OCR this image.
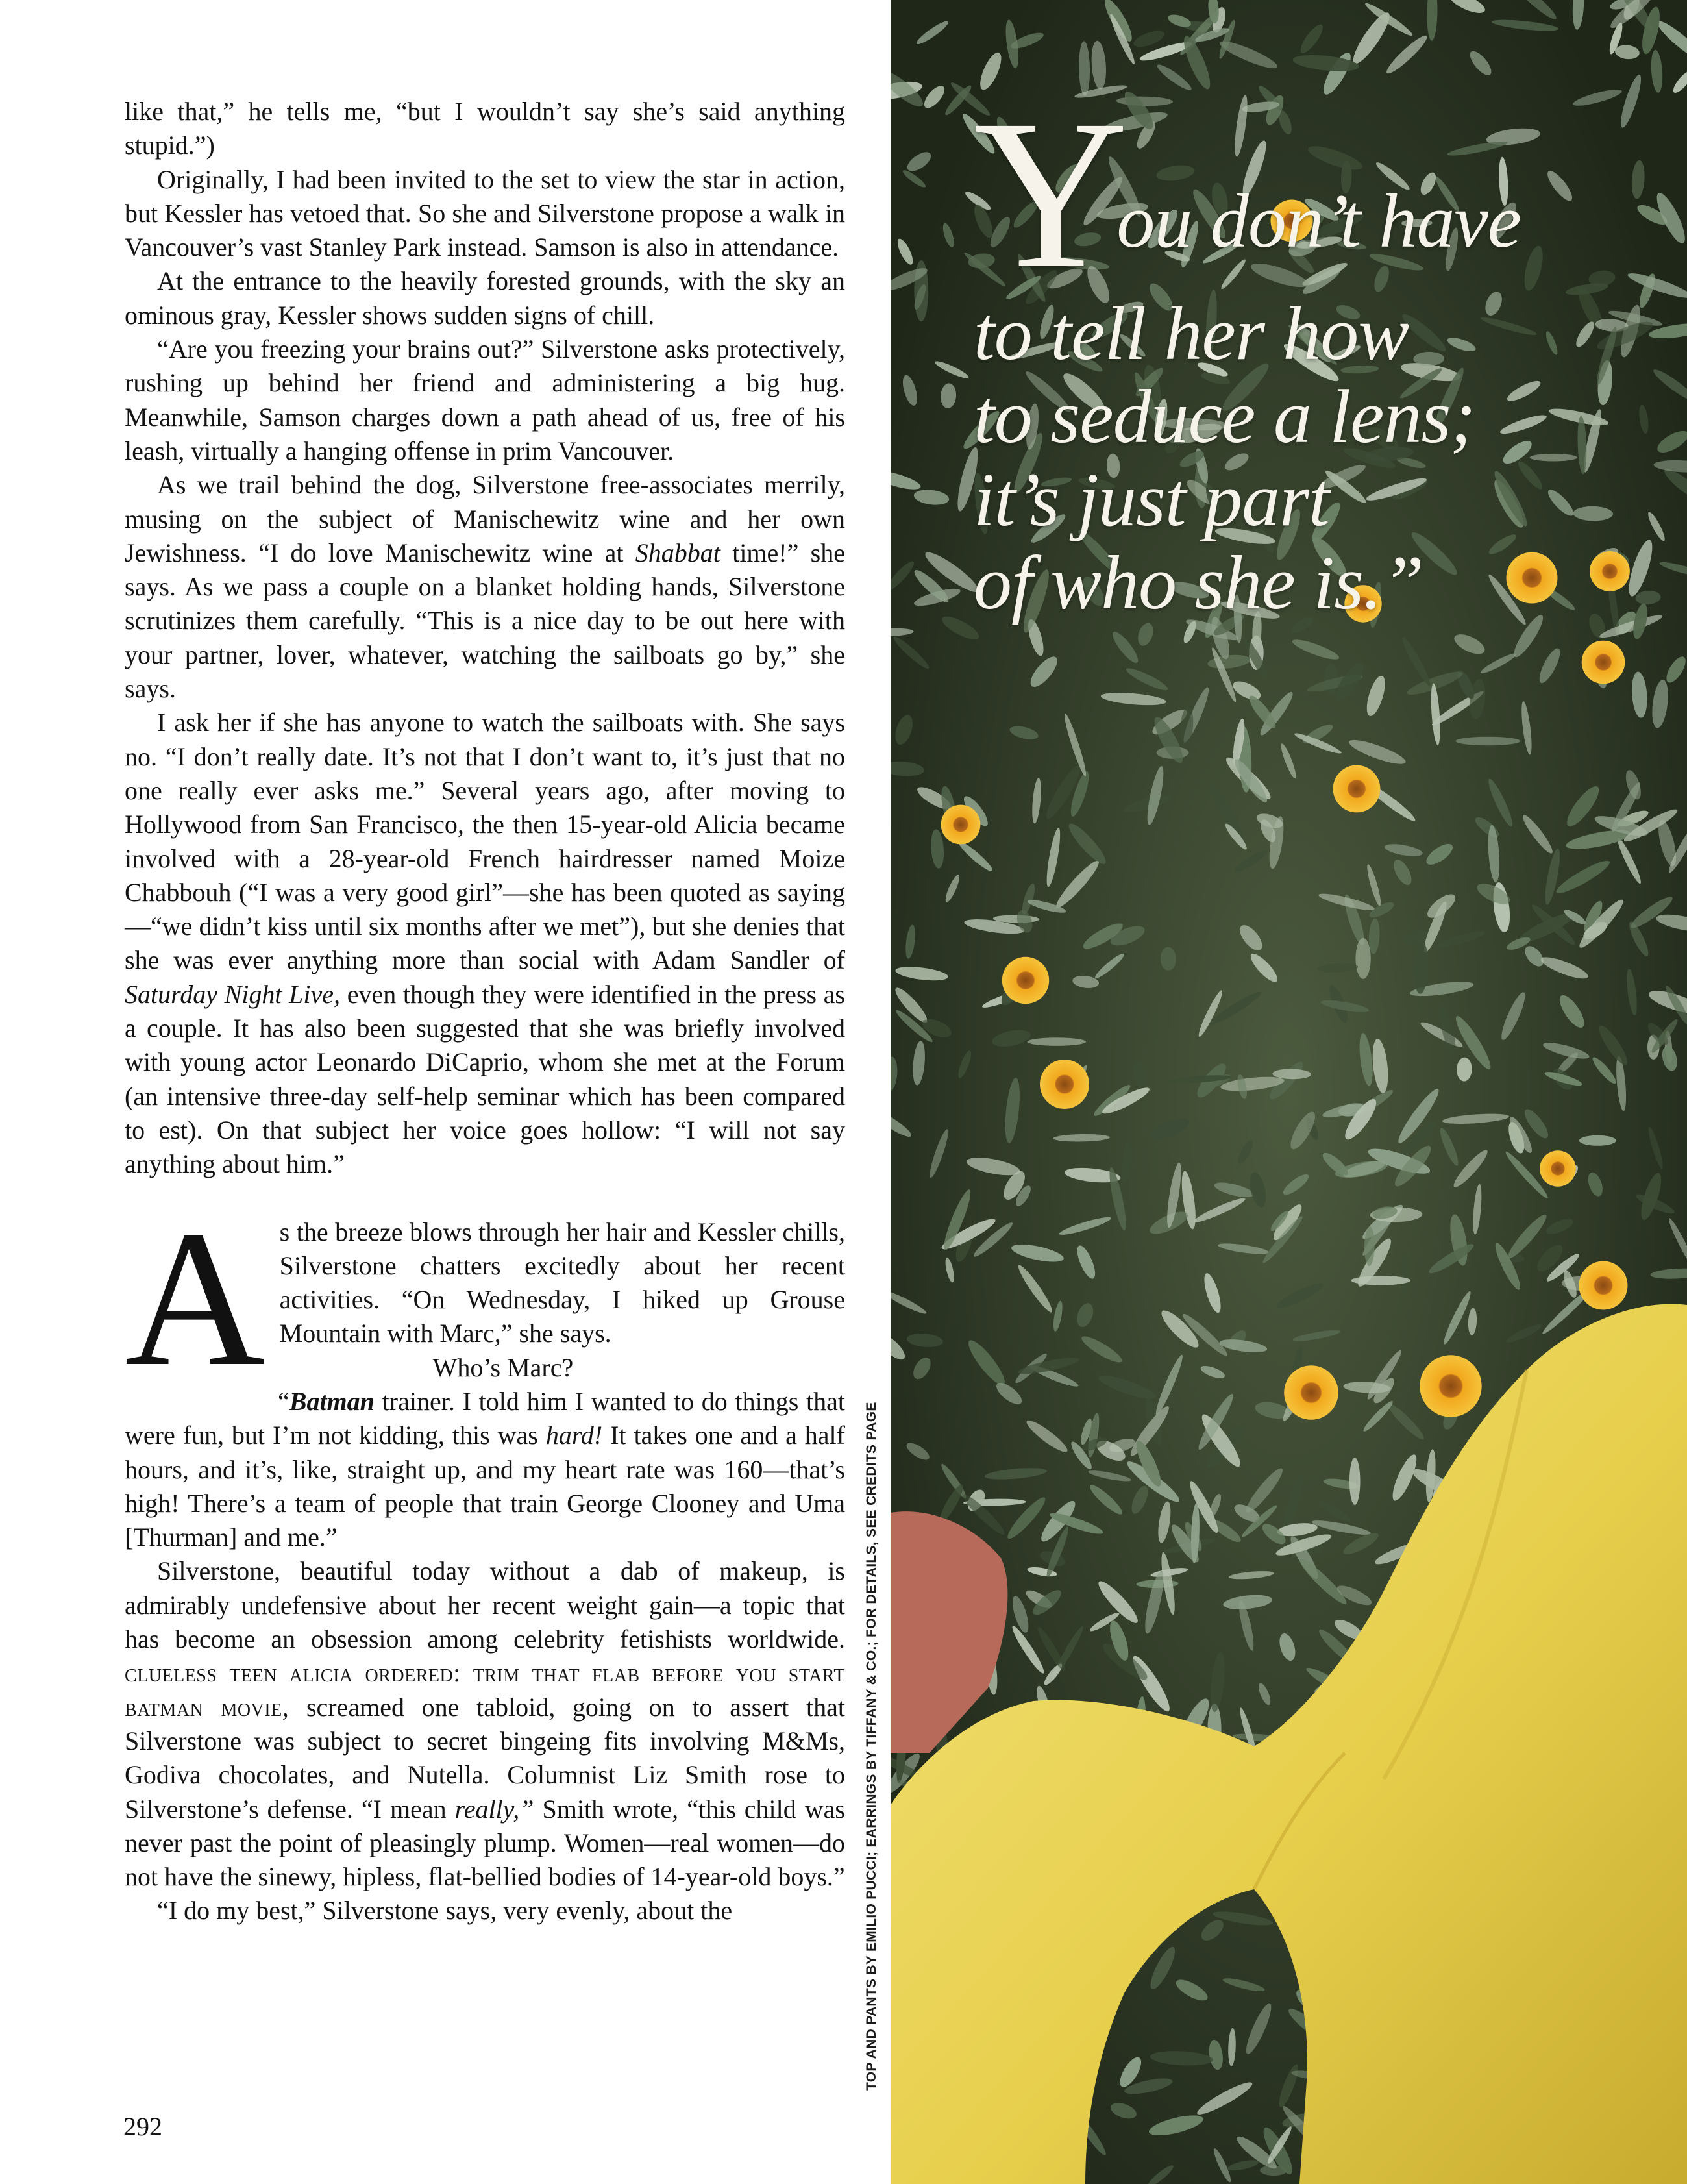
like that,” he tells me, “but I wouldn’t say she’s said anything stupid.”)

Originally, I had been invited to the set to view the star in action, but Kessler has vetoed that. So she and Silverstone propose a walk in Vancouver’s vast Stanley Park instead. Samson is also in attendance.

At the entrance to the heavily forested grounds, with the sky an ominous gray, Kessler shows sudden signs of chill.

“Are you freezing your brains out?” Silverstone asks protectively, rushing up behind her friend and administering a big hug. Meanwhile, Samson charges down a path ahead of us, free of his leash, virtually a hanging offense in prim Vancouver.

As we trail behind the dog, Silverstone free-associates merrily, musing on the subject of Manischewitz wine and her own Jewishness. “I do love Manischewitz wine at Shabbat time!” she says. As we pass a couple on a blanket holding hands, Silverstone scrutinizes them carefully. “This is a nice day to be out here with your partner, lover, whatever, watching the sailboats go by,” she says.

I ask her if she has anyone to watch the sailboats with. She says no. “I don’t really date. It’s not that I don’t want to, it’s just that no one really ever asks me.” Several years ago, after moving to Hollywood from San Francisco, the then 15-year-old Alicia became involved with a 28-year-old French hairdresser named Moize Chabbouh (“I was a very good girl”—she has been quoted as saying—“we didn’t kiss until six months after we met”), but she denies that she was ever anything more than social with Adam Sandler of Saturday Night Live, even though they were identified in the press as a couple. It has also been suggested that she was briefly involved with young actor Leonardo DiCaprio, whom she met at the Forum (an intensive three-day self-help seminar which has been compared to est). On that subject her voice goes hollow: “I will not say anything about him.”

As the breeze blows through her hair and Kessler chills, Silverstone chatters excitedly about her recent activities. “On Wednesday, I hiked up Grouse Mountain with Marc,” she says.

Who’s Marc?

“Batman trainer. I told him I wanted to do things that were fun, but I’m not kidding, this was hard! It takes one and a half hours, and it’s, like, straight up, and my heart rate was 160—that’s high! There’s a team of people that train George Clooney and Uma [Thurman] and me.”

Silverstone, beautiful today without a dab of makeup, is admirably undefensive about her recent weight gain—a topic that has become an obsession among celebrity fetishists worldwide. clueless teen alicia ordered: trim that flab before you start batman movie, screamed one tabloid, going on to assert that Silverstone was subject to secret bingeing fits involving M&Ms, Godiva chocolates, and Nutella. Columnist Liz Smith rose to Silverstone’s defense. “I mean really,” Smith wrote, “this child was never past the point of pleasingly plump. Women—real women—do not have the sinewy, hipless, flat-bellied bodies of 14-year-old boys.”

“I do my best,” Silverstone says, very evenly, about the

292
TOP AND PANTS BY EMILIO PUCCI; EARRINGS BY TIFFANY & CO.; FOR DETAILS, SEE CREDITS PAGE
You don’t have
to tell her how
to seduce a lens;
it’s just part
of who she is.”
